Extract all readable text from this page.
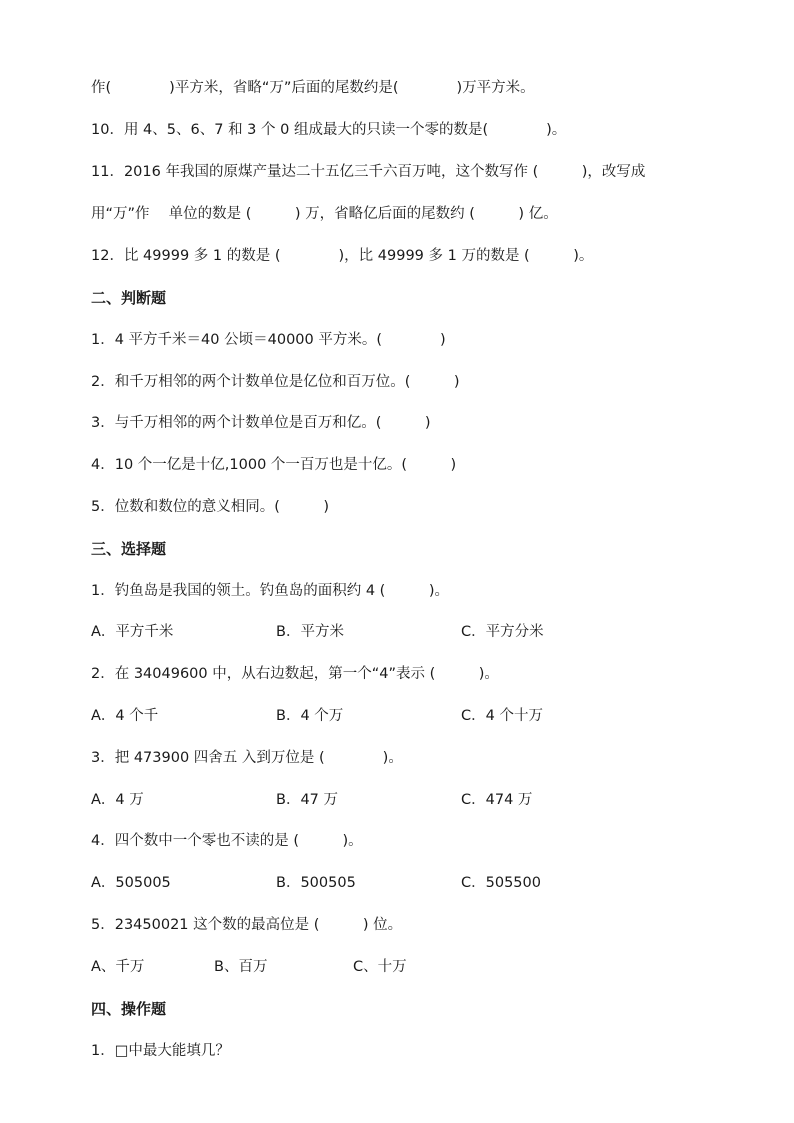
作(　　　　)平方米，省略“万”后面的尾数约是(　　　　)万平方米。

10．用 4、5、6、7 和 3 个 0 组成最大的只读一个零的数是(　　　　)。

11．2016 年我国的原煤产量达二十五亿三千六百万吨，这个数写作 (　　　)，改写成

用“万”作　 单位的数是 (　　　) 万，省略亿后面的尾数约 (　　　) 亿。

12．比 49999 多 1 的数是 (　　　　)，比 49999 多 1 万的数是 (　　　)。

二、判断题

1．4 平方千米＝40 公顷＝40000 平方米。(　　　　)

2．和千万相邻的两个计数单位是亿位和百万位。(　　　)

3．与千万相邻的两个计数单位是百万和亿。(　　　)

4．10 个一亿是十亿,1000 个一百万也是十亿。(　　　)

5．位数和数位的意义相同。(　　　)

三、选择题

1．钓鱼岛是我国的领土。钓鱼岛的面积约 4 (　　　)。

A．平方千米	B．平方米	C．平方分米

2．在 34049600 中，从右边数起，第一个“4”表示 (　　　)。

A．4 个千	B．4 个万	C．4 个十万

3．把 473900 四舍五 入到万位是 (　　　　)。

A．4 万	B．47 万	C．474 万

4．四个数中一个零也不读的是 (　　　)。

A．505005	B．500505	C．505500

5．23450021 这个数的最高位是 (　　　) 位。

A、千万	B、百万	C、十万

四、操作题

1．□中最大能填几？
